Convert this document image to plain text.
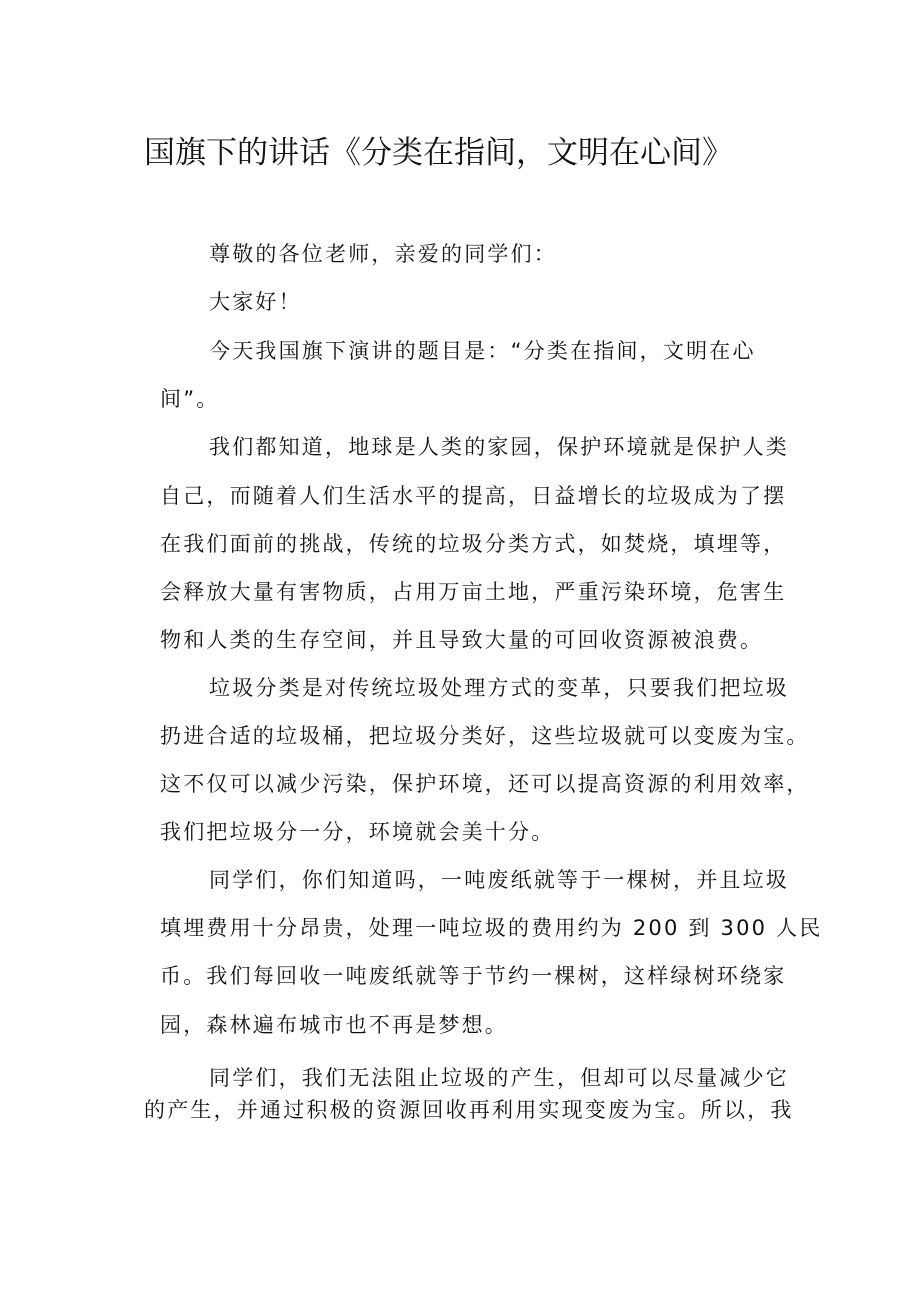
国旗下的讲话《分类在指间，文明在心间》
尊敬的各位老师，亲爱的同学们：
大家好！
今天我国旗下演讲的题目是：“分类在指间，文明在心
间”。
我们都知道，地球是人类的家园，保护环境就是保护人类
自己，而随着人们生活水平的提高，日益增长的垃圾成为了摆
在我们面前的挑战，传统的垃圾分类方式，如焚烧，填埋等，
会释放大量有害物质，占用万亩土地，严重污染环境，危害生
物和人类的生存空间，并且导致大量的可回收资源被浪费。
垃圾分类是对传统垃圾处理方式的变革，只要我们把垃圾
扔进合适的垃圾桶，把垃圾分类好，这些垃圾就可以变废为宝。
这不仅可以减少污染，保护环境，还可以提高资源的利用效率，
我们把垃圾分一分，环境就会美十分。
同学们，你们知道吗，一吨废纸就等于一棵树，并且垃圾
填埋费用十分昂贵，处理一吨垃圾的费用约为 200 到 300 人民
币。我们每回收一吨废纸就等于节约一棵树，这样绿树环绕家
园，森林遍布城市也不再是梦想。
同学们，我们无法阻止垃圾的产生，但却可以尽量减少它
的产生，并通过积极的资源回收再利用实现变废为宝。所以，我
